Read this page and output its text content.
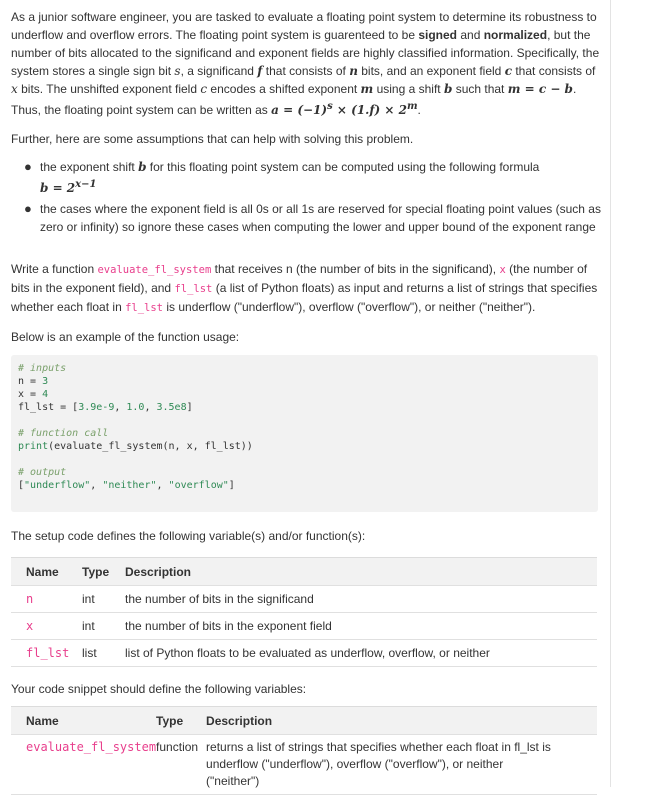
As a junior software engineer, you are tasked to evaluate a floating point system to determine its robustness to underflow and overflow errors. The floating point system is guarenteed to be signed and normalized, but the number of bits allocated to the significand and exponent fields are highly classified information. Specifically, the system stores a single sign bit s, a significand f that consists of n bits, and an exponent field c that consists of x bits. The unshifted exponent field c encodes a shifted exponent m using a shift b such that m = c − b. Thus, the floating point system can be written as $a = (-1)^s \times (1.f) \times 2^m$.

Further, here are some assumptions that can help with solving this problem.

● the exponent shift b for this floating point system can be computed using the following formula
$b = 2^{x-1}$
● the cases where the exponent field is all 0s or all 1s are reserved for special floating point values (such as zero or infinity) so ignore these cases when computing the lower and upper bound of the exponent range

Write a function evaluate_fl_system that receives n (the number of bits in the significand), x (the number of bits in the exponent field), and fl_lst (a list of Python floats) as input and returns a list of strings that specifies whether each float in fl_lst is underflow ("underflow"), overflow ("overflow"), or neither ("neither").

Below is an example of the function usage:

# inputs
n = 3
x = 4
fl_lst = [3.9e-9, 1.0, 3.5e8]
# function call
print(evaluate_fl_system(n, x, fl_lst))
# output
["underflow", "neither", "overflow"]

The setup code defines the following variable(s) and/or function(s):

Name	Type	Description
n	int	the number of bits in the significand
x	int	the number of bits in the exponent field
fl_lst	list	list of Python floats to be evaluated as underflow, overflow, or neither

Your code snippet should define the following variables:

Name	Type	Description
evaluate_fl_system	function	returns a list of strings that specifies whether each float in fl_lst is underflow ("underflow"), overflow ("overflow"), or neither ("neither")
